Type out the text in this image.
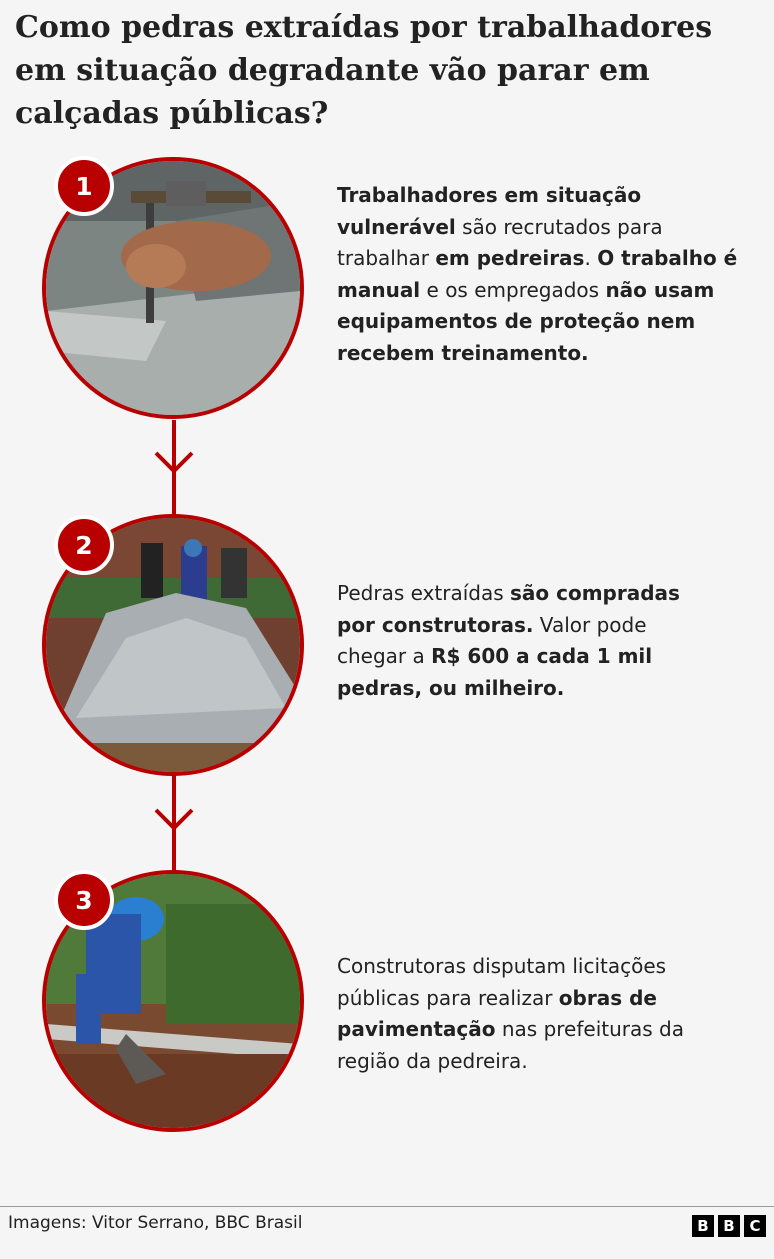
Como pedras extraídas por trabalhadores
em situação degradante vão parar em
calçadas públicas?
1	Trabalhadores em situação
vulnerável são recrutados para
trabalhar em pedreiras. O trabalho é
manual e os empregados não usam
equipamentos de proteção nem
recebem treinamento.
2
Pedras extraídas são compradas
por construtoras. Valor pode
chegar a R$ 600 a cada 1 mil
pedras, ou milheiro.
3
Construtoras disputam licitações
públicas para realizar obras de
pavimentação nas prefeituras da
região da pedreira.
Imagens: Vitor Serrano, BBC Brasil	B B C
